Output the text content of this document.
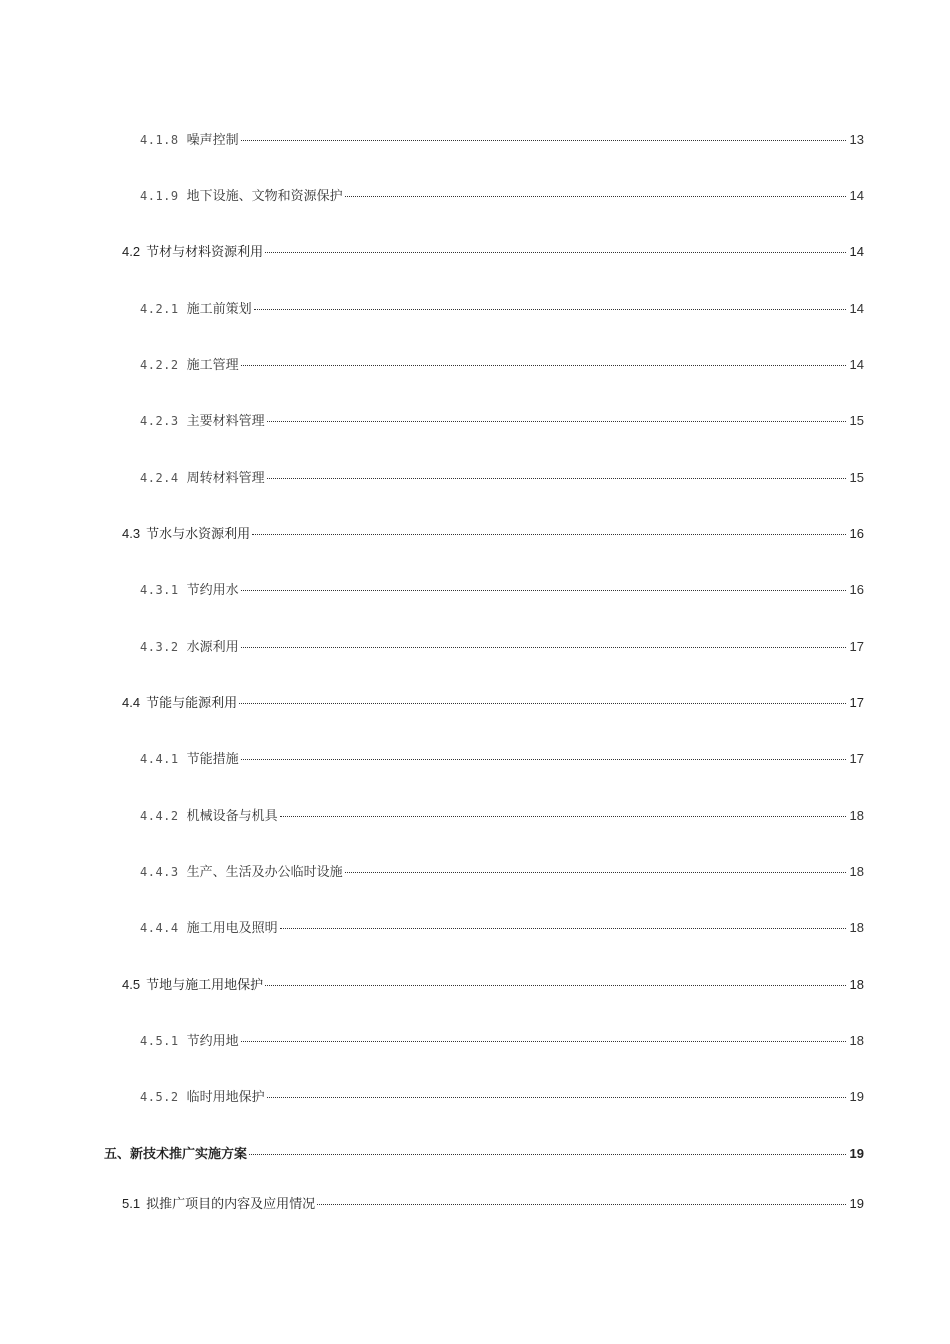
4.1.8 噪声控制	13
4.1.9 地下设施、文物和资源保护	14
4.2 节材与材料资源利用	14
4.2.1 施工前策划	14
4.2.2 施工管理	14
4.2.3 主要材料管理	15
4.2.4 周转材料管理	15
4.3 节水与水资源利用	16
4.3.1 节约用水	16
4.3.2 水源利用	17
4.4 节能与能源利用	17
4.4.1 节能措施	17
4.4.2 机械设备与机具	18
4.4.3 生产、生活及办公临时设施	18
4.4.4 施工用电及照明	18
4.5 节地与施工用地保护	18
4.5.1 节约用地	18
4.5.2 临时用地保护	19
五、新技术推广实施方案	19
5.1 拟推广项目的内容及应用情况	19
